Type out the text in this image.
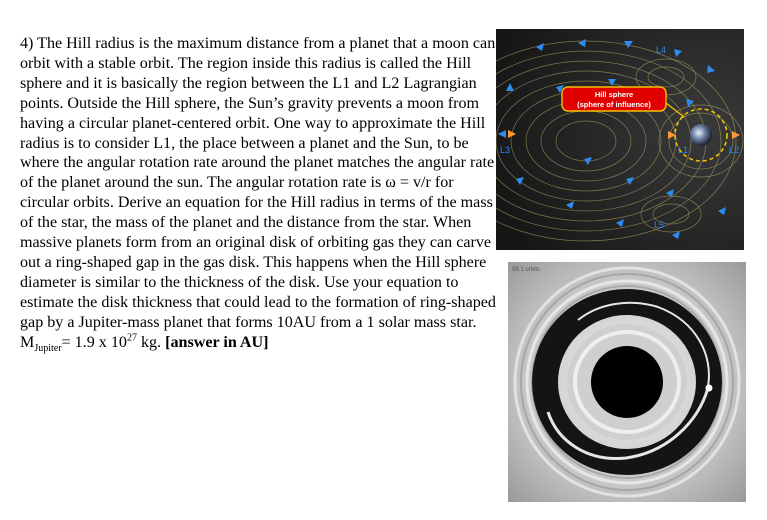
4) The Hill radius is the maximum distance from a planet that a moon can orbit with a stable orbit. The region inside this radius is called the Hill sphere and it is basically the region between the L1 and L2 Lagrangian points. Outside the Hill sphere, the Sun’s gravity prevents a moon from having a circular planet-centered orbit. One way to approximate the Hill radius is to consider L1, the place between a planet and the Sun, to be where the angular rotation rate around the planet matches the angular rate of the planet around the sun. The angular rotation rate is ω = v/r for circular orbits. Derive an equation for the Hill radius in terms of the mass of the star, the mass of the planet and the distance from the star. When massive planets form from an original disk of orbiting gas they can carve out a ring-shaped gap in the gas disk. This happens when the Hill sphere diameter is similar to the thickness of the disk. Use your equation to estimate the disk thickness that could lead to the formation of ring-shaped gap by a Jupiter-mass planet that forms 10AU from a 1 solar mass star. $M_{Jupiter}= 1.9$ x $10^{27}$ kg. [answer in AU]

L3
L4
L5
L1	L2
Hill sphere
(sphere of influence)
98.1 orbits
